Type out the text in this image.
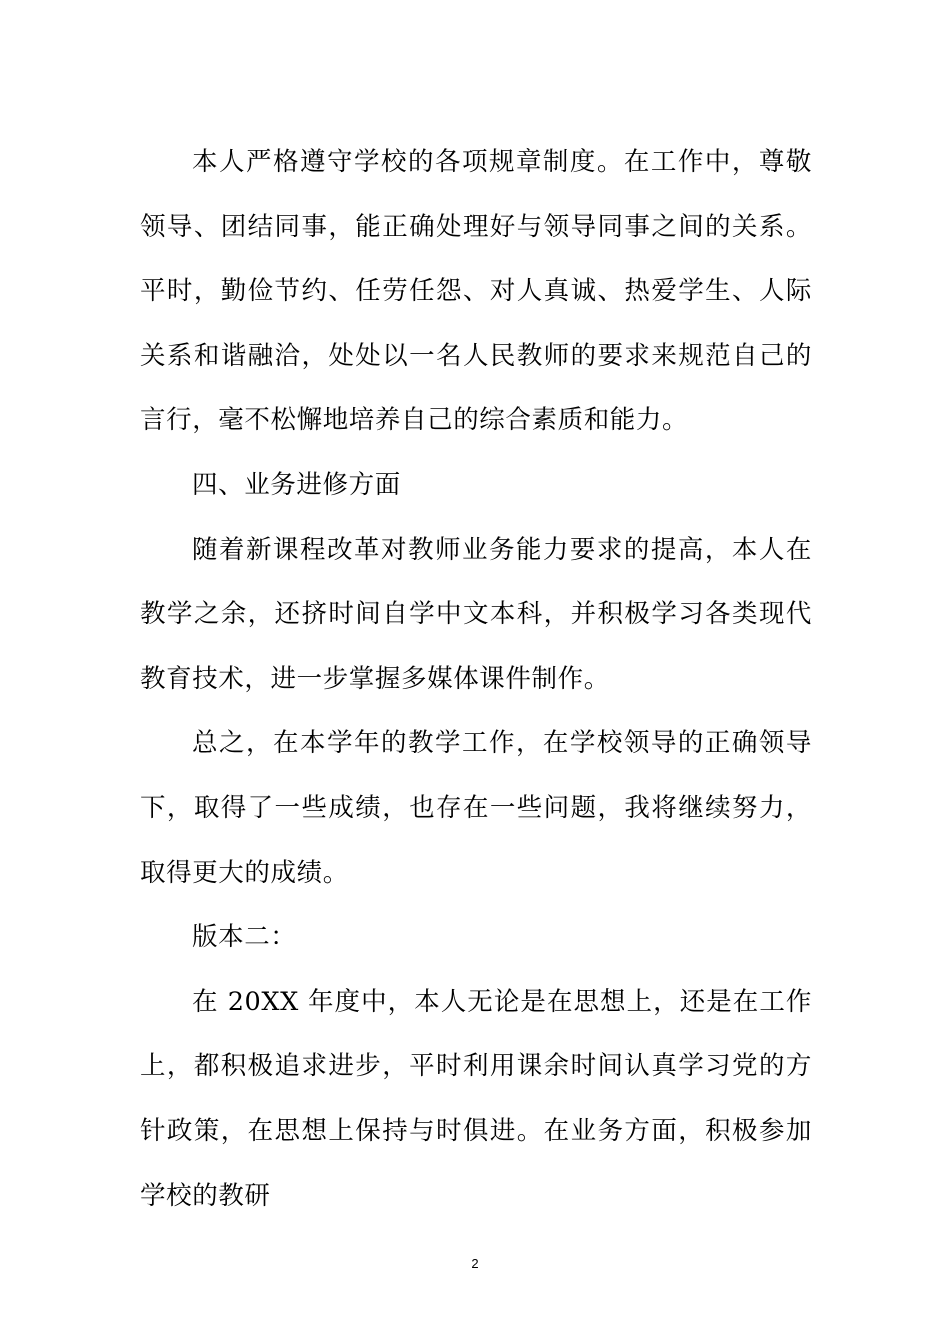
本人严格遵守学校的各项规章制度。在工作中，尊敬领导、团结同事，能正确处理好与领导同事之间的关系。平时，勤俭节约、任劳任怨、对人真诚、热爱学生、人际关系和谐融洽，处处以一名人民教师的要求来规范自己的言行，毫不松懈地培养自己的综合素质和能力。

四、业务进修方面

随着新课程改革对教师业务能力要求的提高，本人在教学之余，还挤时间自学中文本科，并积极学习各类现代教育技术，进一步掌握多媒体课件制作。

总之，在本学年的教学工作，在学校领导的正确领导下，取得了一些成绩，也存在一些问题，我将继续努力，取得更大的成绩。

版本二：

在 20XX 年度中，本人无论是在思想上，还是在工作上，都积极追求进步，平时利用课余时间认真学习党的方针政策，在思想上保持与时俱进。在业务方面，积极参加学校的教研

2
